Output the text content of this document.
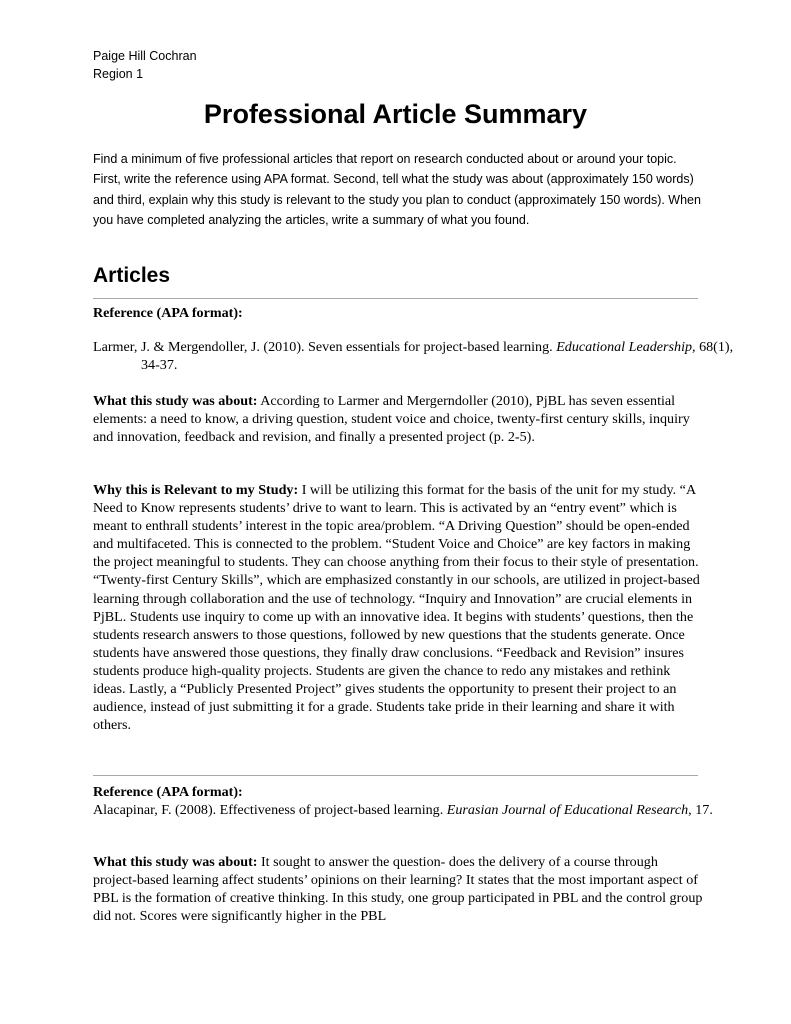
Paige Hill Cochran
Region 1
Professional Article Summary

Find a minimum of five professional articles that report on research conducted about or around your topic. First, write the reference using APA format. Second, tell what the study was about (approximately 150 words) and third, explain why this study is relevant to the study you plan to conduct (approximately 150 words). When you have completed analyzing the articles, write a summary of what you found.

Articles

Reference (APA format):

Larmer, J. & Mergendoller, J. (2010). Seven essentials for project-based learning. Educational Leadership, 68(1), 34-37.

What this study was about: According to Larmer and Mergerndoller (2010), PjBL has seven essential elements: a need to know, a driving question, student voice and choice, twenty-first century skills, inquiry and innovation, feedback and revision, and finally a presented project (p. 2-5).

Why this is Relevant to my Study: I will be utilizing this format for the basis of the unit for my study. “A Need to Know represents students’ drive to want to learn. This is activated by an “entry event” which is meant to enthrall students’ interest in the topic area/problem. “A Driving Question” should be open-ended and multifaceted. This is connected to the problem. “Student Voice and Choice” are key factors in making the project meaningful to students. They can choose anything from their focus to their style of presentation. “Twenty-first Century Skills”, which are emphasized constantly in our schools, are utilized in project-based learning through collaboration and the use of technology. “Inquiry and Innovation” are crucial elements in PjBL. Students use inquiry to come up with an innovative idea. It begins with students’ questions, then the students research answers to those questions, followed by new questions that the students generate. Once students have answered those questions, they finally draw conclusions. “Feedback and Revision” insures students produce high-quality projects. Students are given the chance to redo any mistakes and rethink ideas. Lastly, a “Publicly Presented Project” gives students the opportunity to present their project to an audience, instead of just submitting it for a grade. Students take pride in their learning and share it with others.

Reference (APA format):

Alacapinar, F. (2008). Effectiveness of project-based learning. Eurasian Journal of Educational Research, 17.

What this study was about: It sought to answer the question- does the delivery of a course through project-based learning affect students’ opinions on their learning? It states that the most important aspect of PBL is the formation of creative thinking. In this study, one group participated in PBL and the control group did not. Scores were significantly higher in the PBL
